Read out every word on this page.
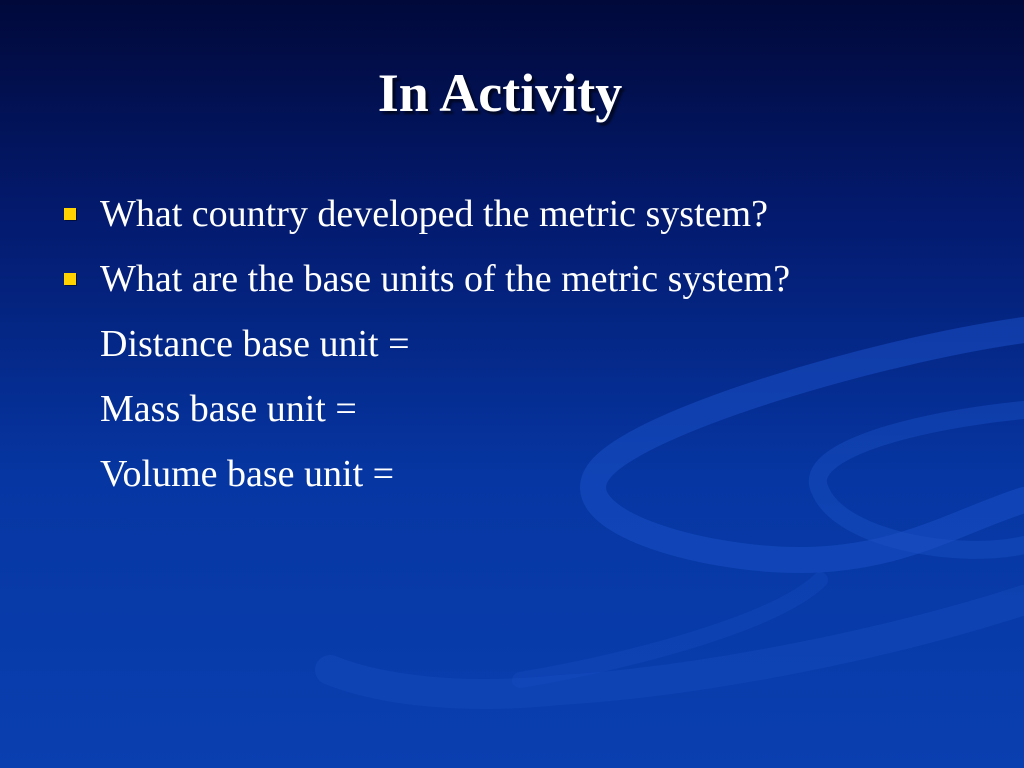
In Activity
What country developed the metric system?
What are the base units of the metric system?
Distance base unit =
Mass base unit =
Volume base unit =
